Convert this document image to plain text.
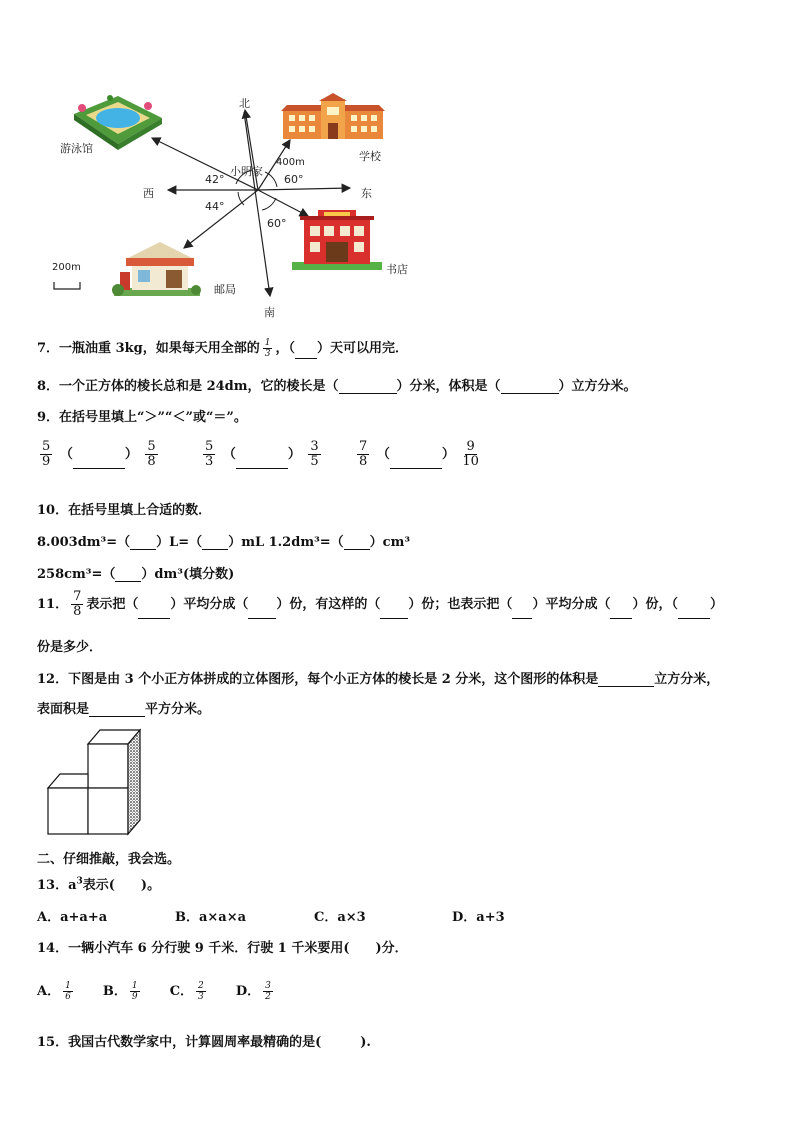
游泳馆
学校
书店
邮局
北
南
西	东
小明家
400m
42°	60°
44°
60°
200m
7．一瓶油重 3kg，如果每天用全部的 $\frac{1}{3}$ ，（ ）天可以用完．
8．一个正方体的棱长总和是 24dm，它的棱长是（	）分米，体积是（	）立方分米。
9．在括号里填上“＞”“＜”或“＝”。
$\frac{5}{9}$ （	） $\frac{5}{8}$	$\frac{5}{3}$ （	） $\frac{3}{5}$	$\frac{7}{8}$ （	） $\frac{9}{10}$
10．在括号里填上合适的数．
8.003dm³=（ ）L=（ ）mL 1.2dm³=（ ）cm³
258cm³=（ ）dm³(填分数)
11． $\frac{7}{8}$ 表示把（ ）平均分成（ ）份，有这样的（ ）份；也表示把（ ）平均分成（ ）份，（ ）
份是多少．
12．下图是由 3 个小正方体拼成的立体图形，每个小正方体的棱长是 2 分米，这个图形的体积是	立方分米，
表面积是	平方分米。
二、仔细推敲，我会选。
13．$a^3$表示(　　)。
A．a+a+a	B．a×a×a	C．a×3	D．a+3
14．一辆小汽车 6 分行驶 9 千米．行驶 1 千米要用(　　)分．
A． $\frac{1}{6}$ B． $\frac{1}{9}$ C． $\frac{2}{3}$ D． $\frac{3}{2}$
15．我国古代数学家中，计算圆周率最精确的是(　　　).
